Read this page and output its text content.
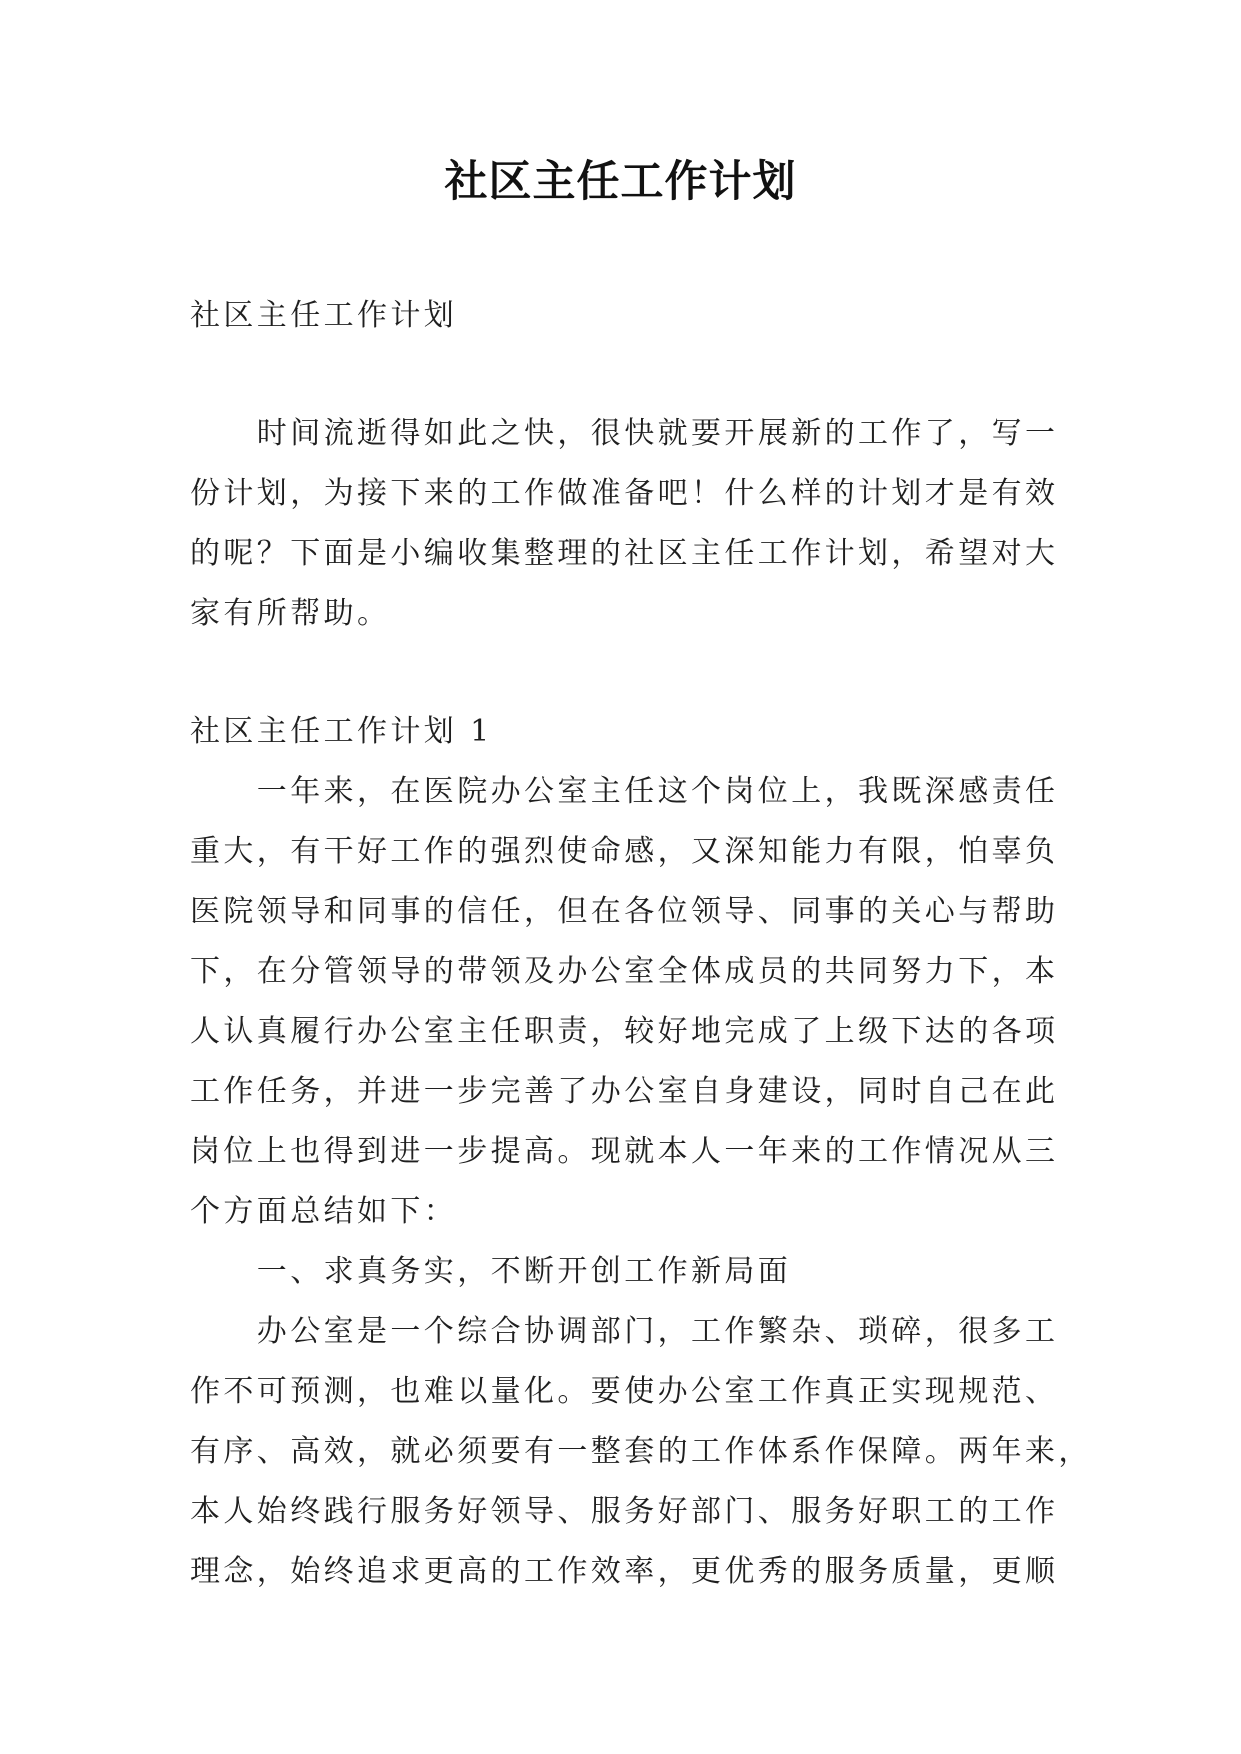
社区主任工作计划
社区主任工作计划
　　时间流逝得如此之快，很快就要开展新的工作了，写一
份计划，为接下来的工作做准备吧！什么样的计划才是有效
的呢？下面是小编收集整理的社区主任工作计划，希望对大
家有所帮助。
社区主任工作计划 1
　　一年来，在医院办公室主任这个岗位上，我既深感责任
重大，有干好工作的强烈使命感，又深知能力有限，怕辜负
医院领导和同事的信任，但在各位领导、同事的关心与帮助
下，在分管领导的带领及办公室全体成员的共同努力下，本
人认真履行办公室主任职责，较好地完成了上级下达的各项
工作任务，并进一步完善了办公室自身建设，同时自己在此
岗位上也得到进一步提高。现就本人一年来的工作情况从三
个方面总结如下：
　　一、求真务实，不断开创工作新局面
　　办公室是一个综合协调部门，工作繁杂、琐碎，很多工
作不可预测，也难以量化。要使办公室工作真正实现规范、
有序、高效，就必须要有一整套的工作体系作保障。两年来，
本人始终践行服务好领导、服务好部门、服务好职工的工作
理念，始终追求更高的工作效率，更优秀的服务质量，更顺
